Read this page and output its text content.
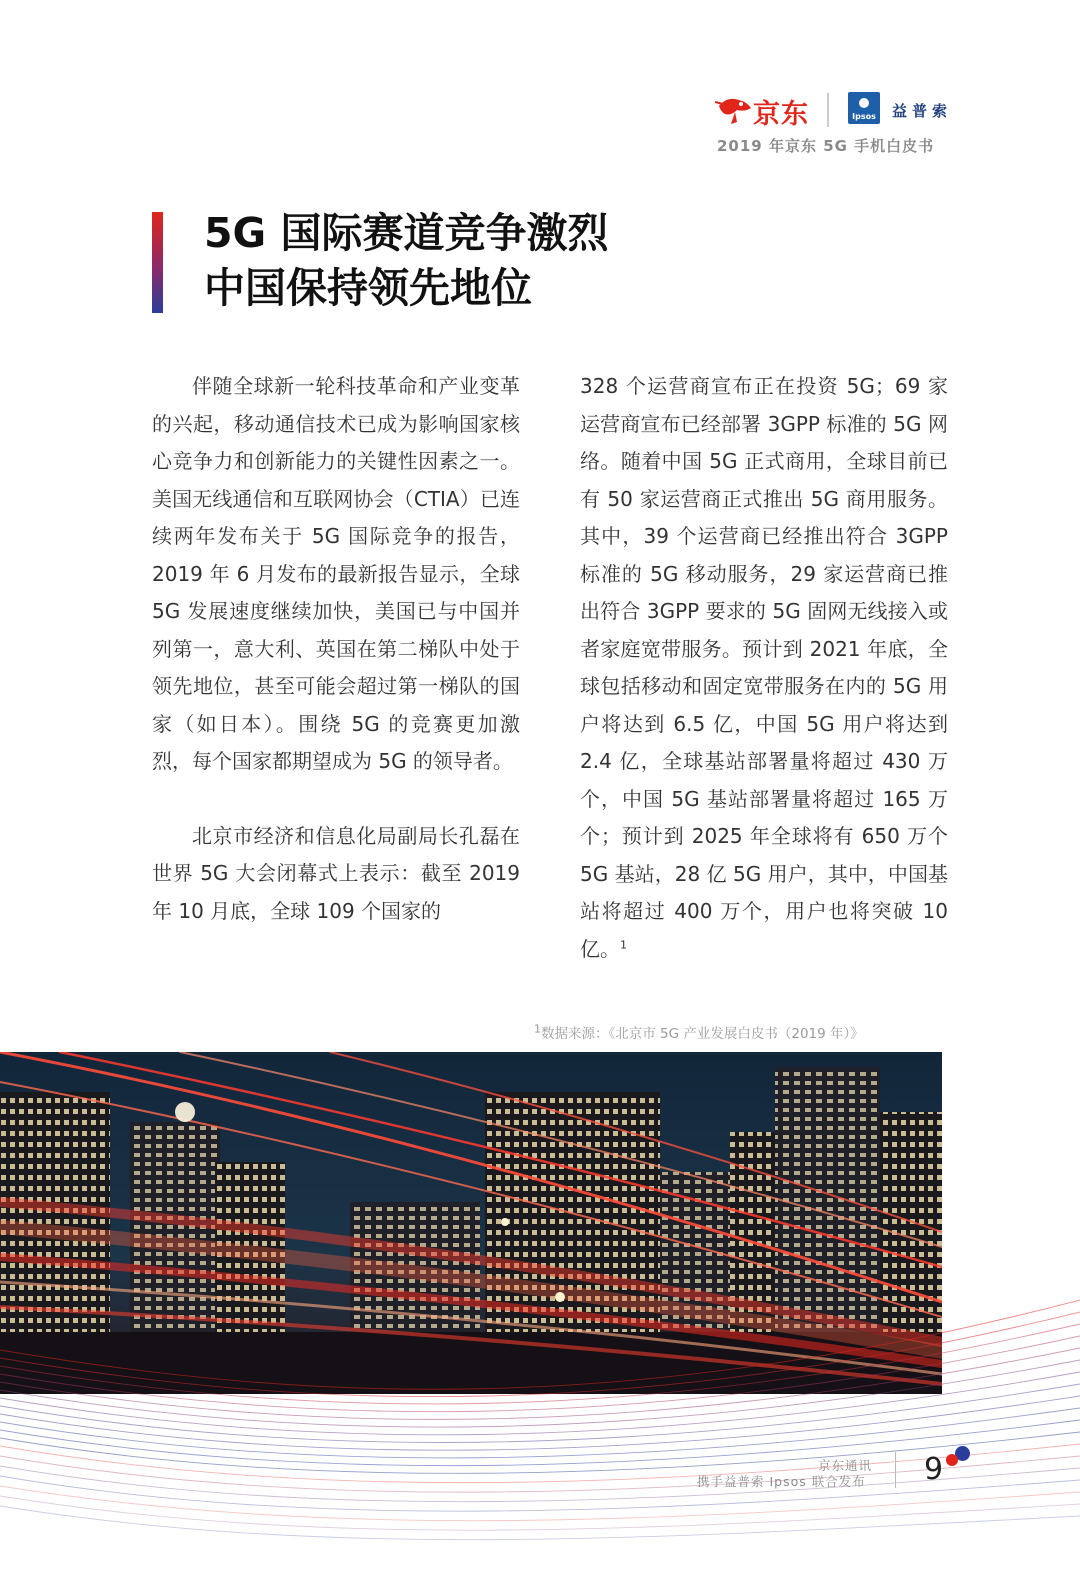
京东	Ipsos 益普索
2019 年京东 5G 手机白皮书
5G 国际赛道竞争激烈
中国保持领先地位

伴随全球新一轮科技革命和产业变革的兴起，移动通信技术已成为影响国家核心竞争力和创新能力的关键性因素之一。美国无线通信和互联网协会（CTIA）已连续两年发布关于 5G 国际竞争的报告，2019 年 6 月发布的最新报告显示，全球 5G 发展速度继续加快，美国已与中国并列第一，意大利、英国在第二梯队中处于领先地位，甚至可能会超过第一梯队的国家（如日本）。围绕 5G 的竞赛更加激烈，每个国家都期望成为 5G 的领导者。

北京市经济和信息化局副局长孔磊在世界 5G 大会闭幕式上表示：截至 2019 年 10 月底，全球 109 个国家的

328 个运营商宣布正在投资 5G；69 家运营商宣布已经部署 3GPP 标准的 5G 网络。随着中国 5G 正式商用，全球目前已有 50 家运营商正式推出 5G 商用服务。其中，39 个运营商已经推出符合 3GPP 标准的 5G 移动服务，29 家运营商已推出符合 3GPP 要求的 5G 固网无线接入或者家庭宽带服务。预计到 2021 年底，全球包括移动和固定宽带服务在内的 5G 用户将达到 6.5 亿，中国 5G 用户将达到 2.4 亿，全球基站部署量将超过 430 万个，中国 5G 基站部署量将超过 165 万个；预计到 2025 年全球将有 650 万个 5G 基站，28 亿 5G 用户，其中，中国基站将超过 400 万个，用户也将突破 10 亿。$^1$

$^1$数据来源：《北京市 5G 产业发展白皮书（2019 年）》
京东通讯
携手益普索 Ipsos 联合发布 9
